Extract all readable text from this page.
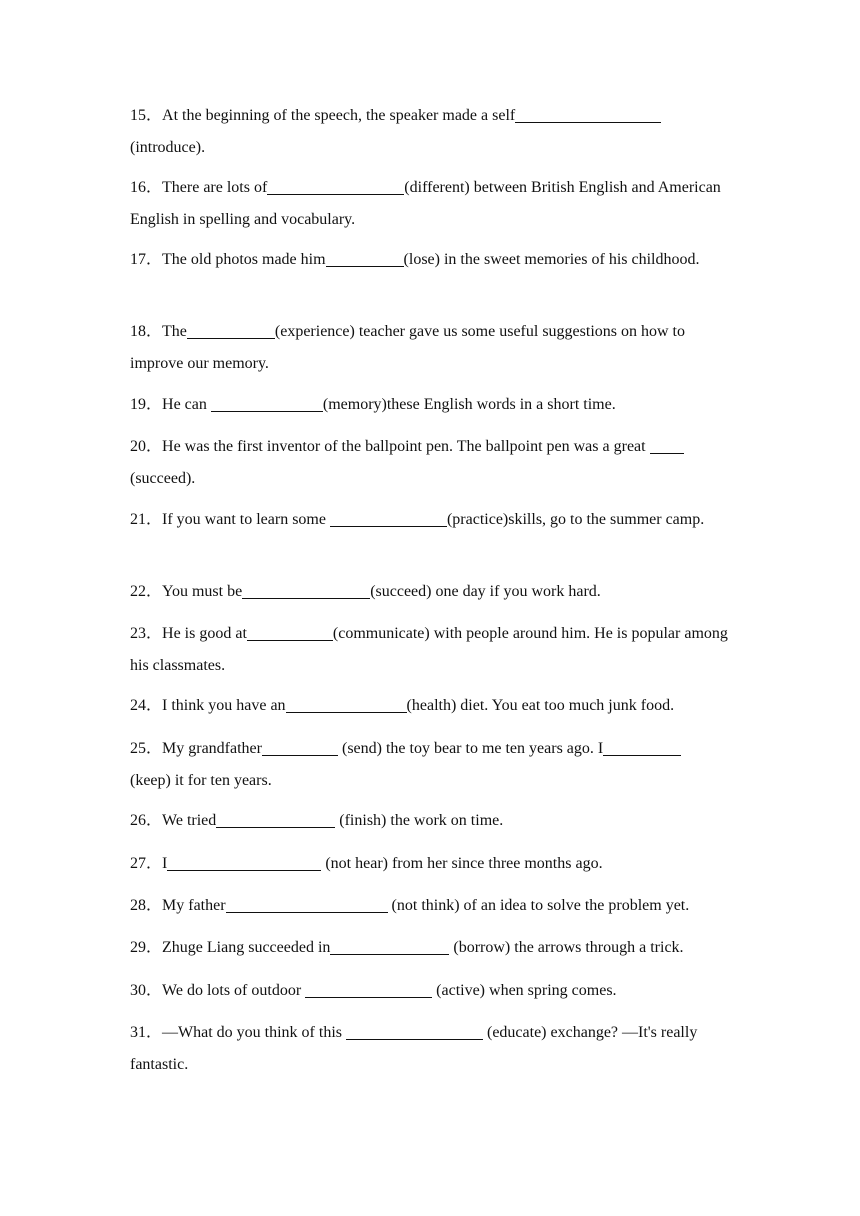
15．At the beginning of the speech, the speaker made a self
(introduce).
16．There are lots of	(different) between British English and American English in spelling and vocabulary.
17．The old photos made him	(lose) in the sweet memories of his childhood.
18．The	(experience) teacher gave us some useful suggestions on how to improve our memory.
19．He can	(memory)these English words in a short time.
20．He was the first inventor of the ballpoint pen. The ballpoint pen was a great
(succeed).
21．If you want to learn some	(practice)skills, go to the summer camp.
22．You must be	(succeed) one day if you work hard.
23．He is good at	(communicate) with people around him. He is popular among his classmates.
24．I think you have an	(health) diet. You eat too much junk food.
25．My grandfather	(send) the toy bear to me ten years ago. I
(keep) it for ten years.
26．We tried	(finish) the work on time.
27．I	(not hear) from her since three months ago.
28．My father	(not think) of an idea to solve the problem yet.
29．Zhuge Liang succeeded in	(borrow) the arrows through a trick.
30．We do lots of outdoor	(active) when spring comes.
31．—What do you think of this	(educate) exchange? —It's really fantastic.
